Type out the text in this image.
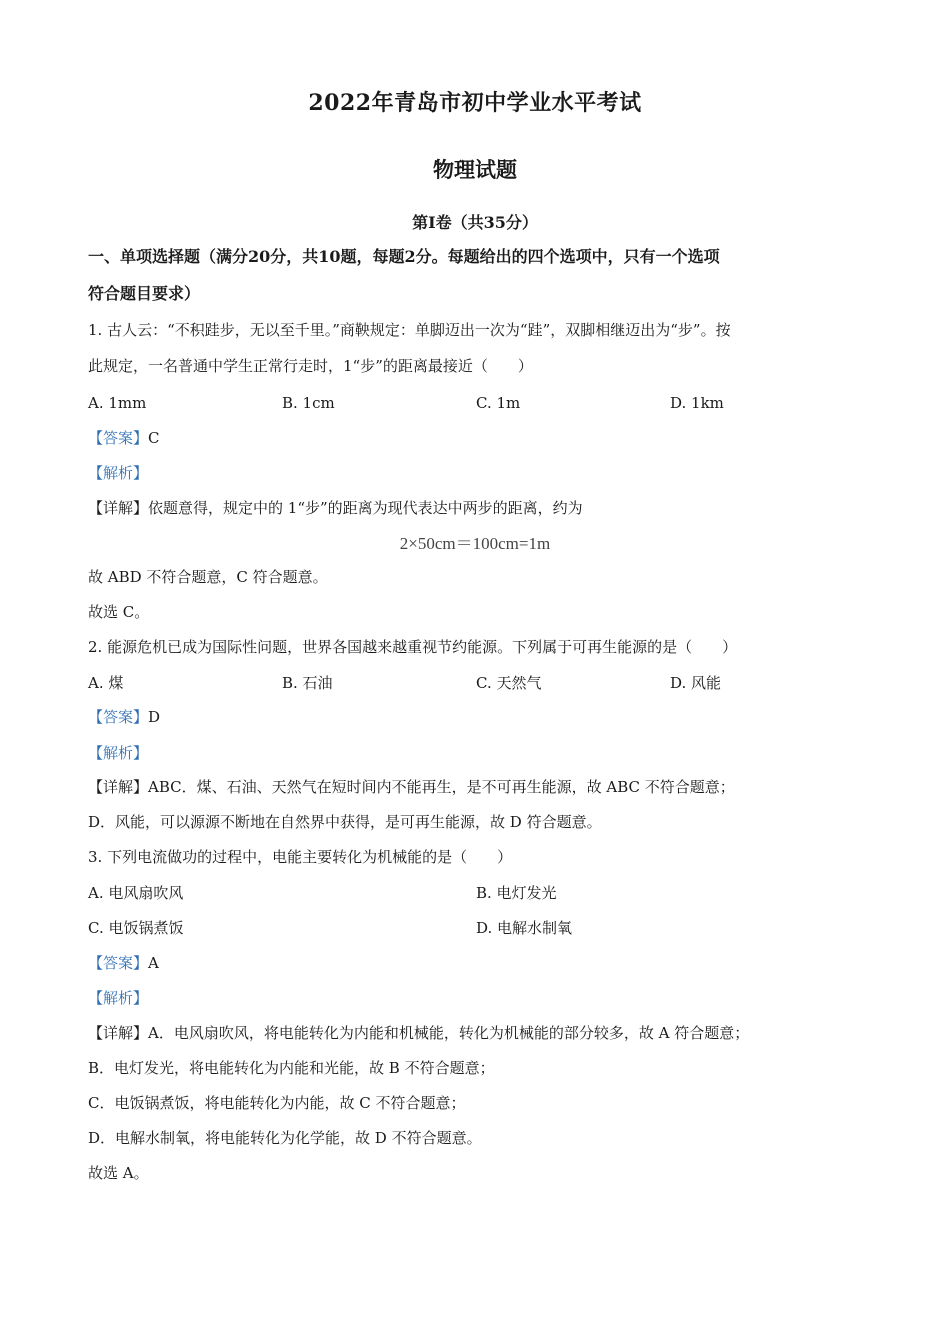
2022年青岛市初中学业水平考试
物理试题
第I卷（共35分）
一、单项选择题（满分20分，共10题，每题2分。每题给出的四个选项中，只有一个选项
符合题目要求）
1. 古人云：“不积跬步，无以至千里。”商鞅规定：单脚迈出一次为“跬”，双脚相继迈出为“步”。按
此规定，一名普通中学生正常行走时，1“步”的距离最接近（　　）
A. 1mm	B. 1cm	C. 1m	D. 1km
【答案】C
【解析】
【详解】依题意得，规定中的 1“步”的距离为现代表达中两步的距离，约为
2×50cm＝100cm=1m
故 ABD 不符合题意，C 符合题意。
故选 C。
2. 能源危机已成为国际性问题，世界各国越来越重视节约能源。下列属于可再生能源的是（　　）
A. 煤	B. 石油	C. 天然气	D. 风能
【答案】D
【解析】
【详解】ABC．煤、石油、天然气在短时间内不能再生，是不可再生能源，故 ABC 不符合题意；
D．风能，可以源源不断地在自然界中获得，是可再生能源，故 D 符合题意。
3. 下列电流做功的过程中，电能主要转化为机械能的是（　　）
A. 电风扇吹风	B. 电灯发光
C. 电饭锅煮饭	D. 电解水制氧
【答案】A
【解析】
【详解】A．电风扇吹风，将电能转化为内能和机械能，转化为机械能的部分较多，故 A 符合题意；
B．电灯发光，将电能转化为内能和光能，故 B 不符合题意；
C．电饭锅煮饭，将电能转化为内能，故 C 不符合题意；
D．电解水制氧，将电能转化为化学能，故 D 不符合题意。
故选 A。
